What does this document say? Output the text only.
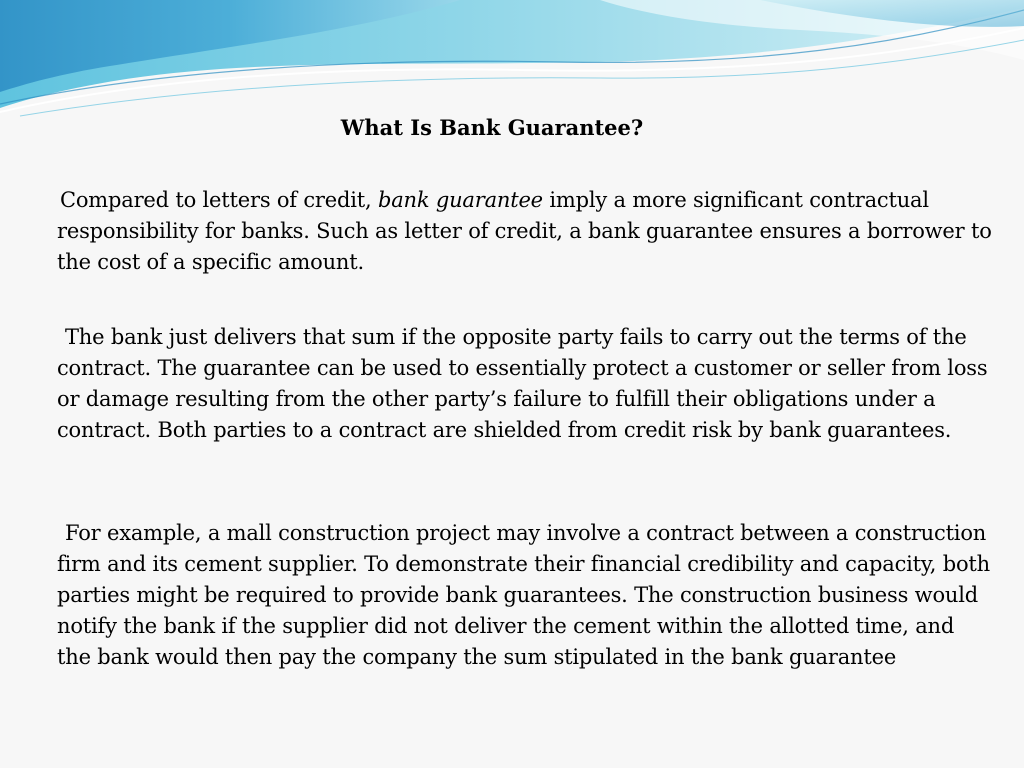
What Is Bank Guarantee?

Compared to letters of credit, bank guarantee imply a more significant contractual responsibility for banks. Such as letter of credit, a bank guarantee ensures a borrower to the cost of a specific amount.

The bank just delivers that sum if the opposite party fails to carry out the terms of the contract. The guarantee can be used to essentially protect a customer or seller from loss or damage resulting from the other party’s failure to fulfill their obligations under a contract. Both parties to a contract are shielded from credit risk by bank guarantees.

For example, a mall construction project may involve a contract between a construction firm and its cement supplier. To demonstrate their financial credibility and capacity, both parties might be required to provide bank guarantees. The construction business would notify the bank if the supplier did not deliver the cement within the allotted time, and the bank would then pay the company the sum stipulated in the bank guarantee
